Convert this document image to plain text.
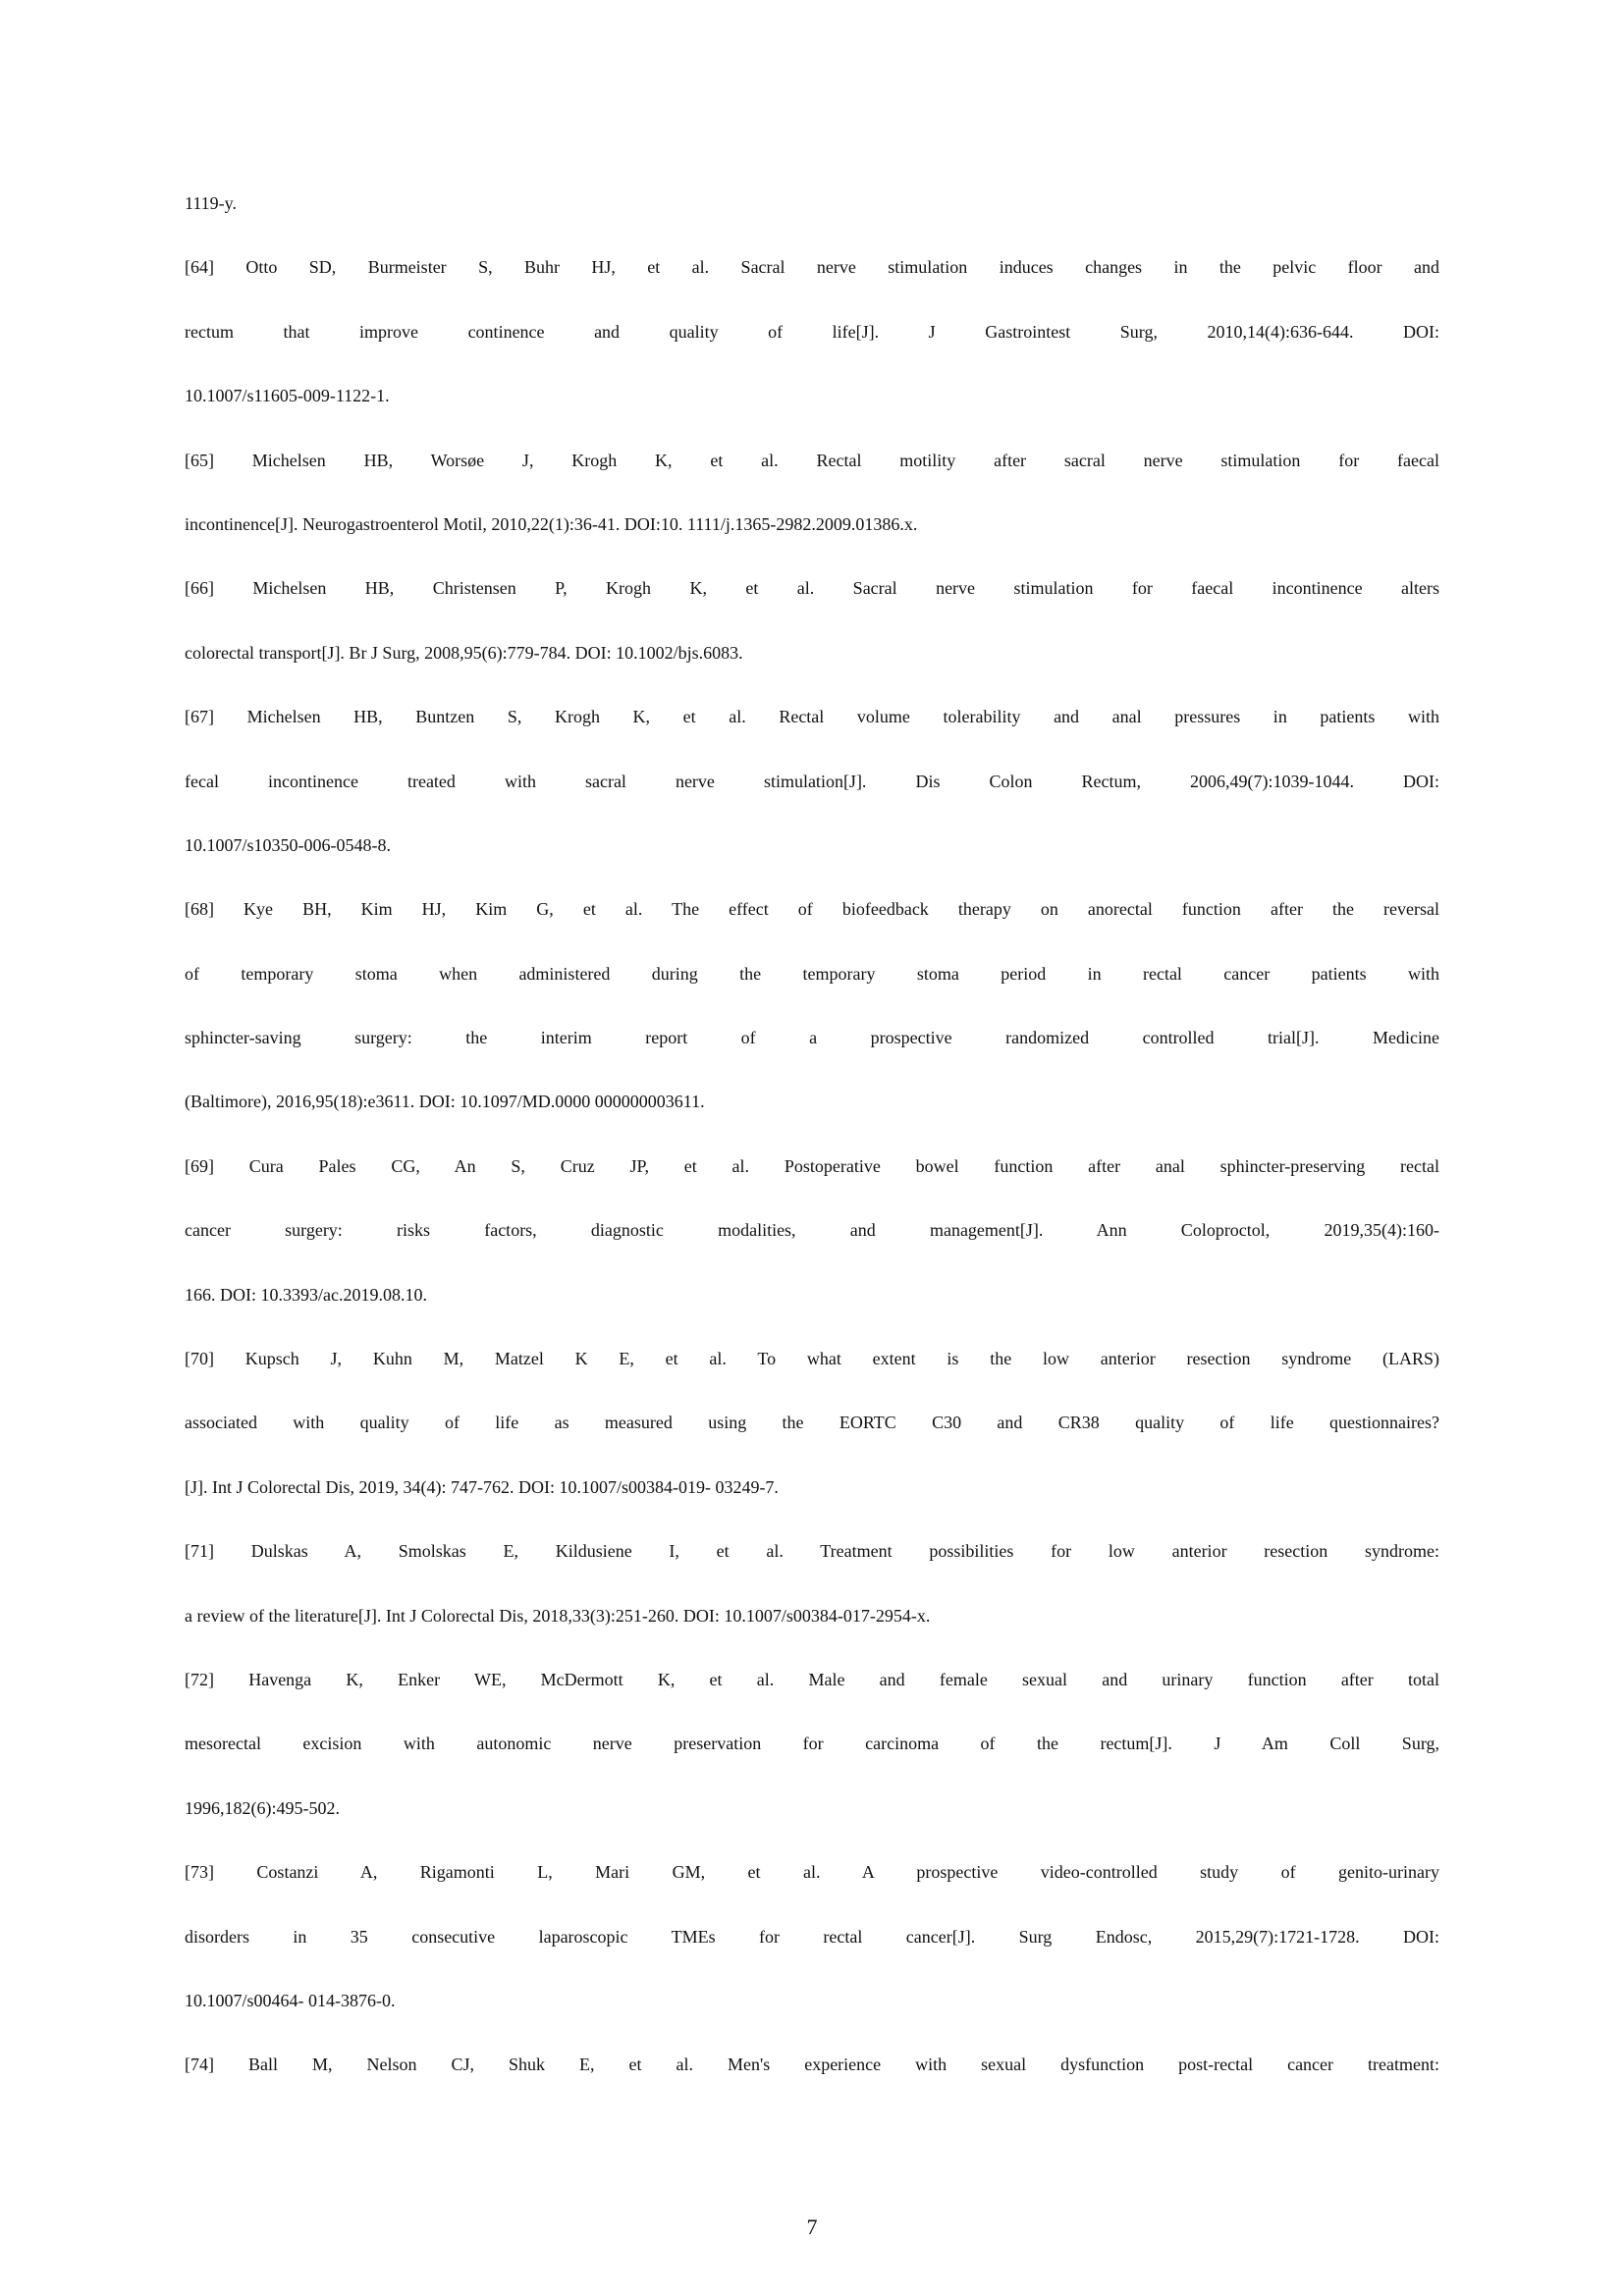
1119-y.
[64] Otto SD, Burmeister S, Buhr HJ, et al. Sacral nerve stimulation induces changes in the pelvic floor and
rectum that improve continence and quality of life[J]. J Gastrointest Surg, 2010,14(4):636-644. DOI:
10.1007/s11605-009-1122-1.
[65] Michelsen HB, Worsøe J, Krogh K, et al. Rectal motility after sacral nerve stimulation for faecal
incontinence[J]. Neurogastroenterol Motil, 2010,22(1):36-41. DOI:10. 1111/j.1365-2982.2009.01386.x.
[66] Michelsen HB, Christensen P, Krogh K, et al. Sacral nerve stimulation for faecal incontinence alters
colorectal transport[J]. Br J Surg, 2008,95(6):779-784. DOI: 10.1002/bjs.6083.
[67] Michelsen HB, Buntzen S, Krogh K, et al. Rectal volume tolerability and anal pressures in patients with
fecal incontinence treated with sacral nerve stimulation[J]. Dis Colon Rectum, 2006,49(7):1039-1044. DOI:
10.1007/s10350-006-0548-8.
[68] Kye BH, Kim HJ, Kim G, et al. The effect of biofeedback therapy on anorectal function after the reversal
of temporary stoma when administered during the temporary stoma period in rectal cancer patients with
sphincter-saving surgery: the interim report of a prospective randomized controlled trial[J]. Medicine
(Baltimore), 2016,95(18):e3611. DOI: 10.1097/MD.0000 000000003611.
[69] Cura Pales CG, An S, Cruz JP, et al. Postoperative bowel function after anal sphincter-preserving rectal
cancer surgery: risks factors, diagnostic modalities, and management[J]. Ann Coloproctol, 2019,35(4):160-
166. DOI: 10.3393/ac.2019.08.10.
[70] Kupsch J, Kuhn M, Matzel K E, et al. To what extent is the low anterior resection syndrome (LARS)
associated with quality of life as measured using the EORTC C30 and CR38 quality of life questionnaires?
[J]. Int J Colorectal Dis, 2019, 34(4): 747-762. DOI: 10.1007/s00384-019- 03249-7.
[71] Dulskas A, Smolskas E, Kildusiene I, et al. Treatment possibilities for low anterior resection syndrome:
a review of the literature[J]. Int J Colorectal Dis, 2018,33(3):251-260. DOI: 10.1007/s00384-017-2954-x.
[72] Havenga K, Enker WE, McDermott K, et al. Male and female sexual and urinary function after total
mesorectal excision with autonomic nerve preservation for carcinoma of the rectum[J]. J Am Coll Surg,
1996,182(6):495-502.
[73] Costanzi A, Rigamonti L, Mari GM, et al. A prospective video-controlled study of genito-urinary
disorders in 35 consecutive laparoscopic TMEs for rectal cancer[J]. Surg Endosc, 2015,29(7):1721-1728. DOI:
10.1007/s00464- 014-3876-0.
[74] Ball M, Nelson CJ, Shuk E, et al. Men's experience with sexual dysfunction post-rectal cancer treatment:
7
